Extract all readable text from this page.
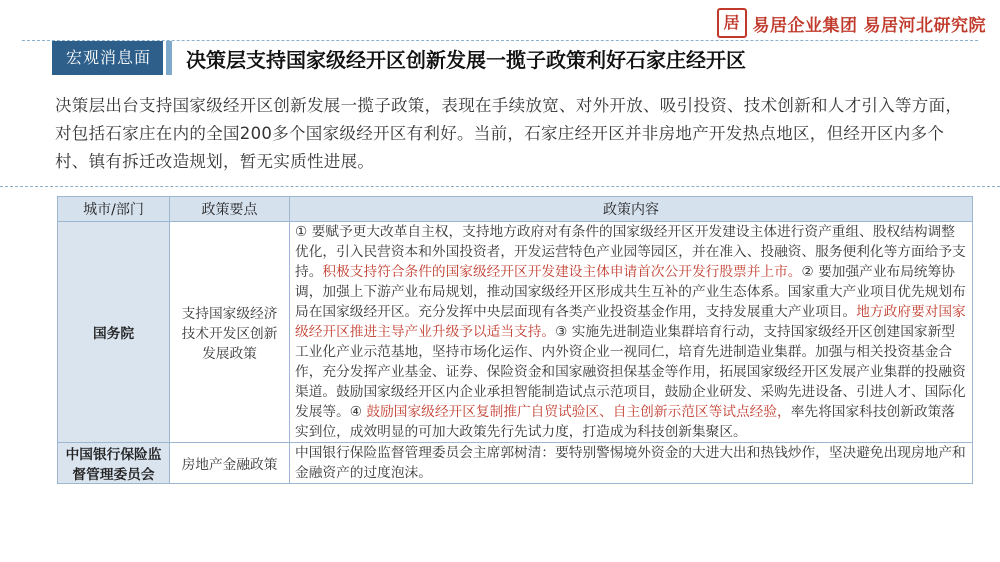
居 易居企业集团 易居河北研究院
宏观消息面	决策层支持国家级经开区创新发展一揽子政策利好石家庄经开区
决策层出台支持国家级经开区创新发展一揽子政策，表现在手续放宽、对外开放、吸引投资、技术创新和人才引入等方面，对包括石家庄在内的全国200多个国家级经开区有利好。当前，石家庄经开区并非房地产开发热点地区，但经开区内多个村、镇有拆迁改造规划，暂无实质性进展。
城市/部门	政策要点	政策内容
国务院	支持国家级经济技术开发区创新发展政策	① 要赋予更大改革自主权，支持地方政府对有条件的国家级经开区开发建设主体进行资产重组、股权结构调整优化，引入民营资本和外国投资者，开发运营特色产业园等园区，并在准入、投融资、服务便利化等方面给予支持。积极支持符合条件的国家级经开区开发建设主体申请首次公开发行股票并上市。② 要加强产业布局统筹协调，加强上下游产业布局规划，推动国家级经开区形成共生互补的产业生态体系。国家重大产业项目优先规划布局在国家级经开区。充分发挥中央层面现有各类产业投资基金作用，支持发展重大产业项目。地方政府要对国家级经开区推进主导产业升级予以适当支持。③ 实施先进制造业集群培育行动，支持国家级经开区创建国家新型工业化产业示范基地，坚持市场化运作、内外资企业一视同仁，培育先进制造业集群。加强与相关投资基金合作，充分发挥产业基金、证券、保险资金和国家融资担保基金等作用，拓展国家级经开区发展产业集群的投融资渠道。鼓励国家级经开区内企业承担智能制造试点示范项目，鼓励企业研发、采购先进设备、引进人才、国际化发展等。④ 鼓励国家级经开区复制推广自贸试验区、自主创新示范区等试点经验，率先将国家科技创新政策落实到位，成效明显的可加大政策先行先试力度，打造成为科技创新集聚区。
中国银行保险监督管理委员会	房地产金融政策	中国银行保险监督管理委员会主席郭树清：要特别警惕境外资金的大进大出和热钱炒作，坚决避免出现房地产和金融资产的过度泡沫。
